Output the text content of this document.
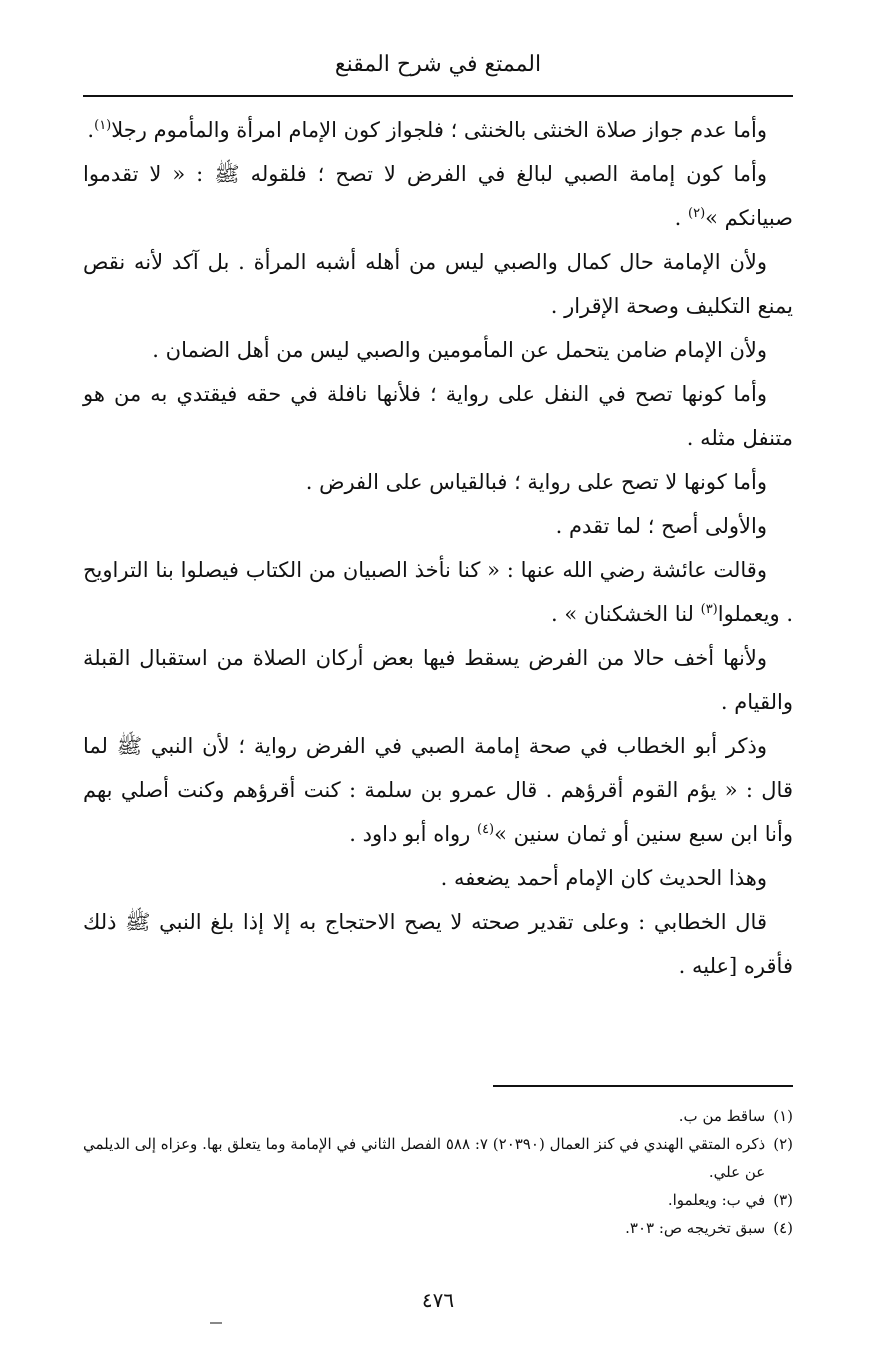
الممتع في شرح المقنع

وأما عدم جواز صلاة الخنثى بالخنثى ؛ فلجواز كون الإمام امرأة والمأموم رجلا$^{(١)}$.

وأما كون إمامة الصبي لبالغ في الفرض لا تصح ؛ فلقوله ﷺ : « لا تقدموا صبيانكم »$^{(٢)}$ .

ولأن الإمامة حال كمال والصبي ليس من أهله أشبه المرأة . بل آكد لأنه نقص يمنع التكليف وصحة الإقرار .

ولأن الإمام ضامن يتحمل عن المأمومين والصبي ليس من أهل الضمان .

وأما كونها تصح في النفل على رواية ؛ فلأنها نافلة في حقه فيقتدي به من هو متنفل مثله .

وأما كونها لا تصح على رواية ؛ فبالقياس على الفرض .

والأولى أصح ؛ لما تقدم .

وقالت عائشة رضي الله عنها : « كنا نأخذ الصبيان من الكتاب فيصلوا بنا التراويح . ويعملوا$^{(٣)}$ لنا الخشكنان » .

ولأنها أخف حالا من الفرض يسقط فيها بعض أركان الصلاة من استقبال القبلة والقيام .

وذكر أبو الخطاب في صحة إمامة الصبي في الفرض رواية ؛ لأن النبي ﷺ لما قال : « يؤم القوم أقرؤهم . قال عمرو بن سلمة : كنت أقرؤهم وكنت أصلي بهم وأنا ابن سبع سنين أو ثمان سنين »$^{(٤)}$ رواه أبو داود .

وهذا الحديث كان الإمام أحمد يضعفه .

قال الخطابي : وعلى تقدير صحته لا يصح الاحتجاج به إلا إذا بلغ النبي ﷺ ذلك فأقره [عليه .

(١)
ساقط من ب.
(٢)
ذكره المتقي الهندي في كنز العمال (٢٠٣٩٠) ٧: ٥٨٨ الفصل الثاني في الإمامة وما يتعلق بها. وعزاه إلى الديلمي عن علي.
(٣)
في ب: ويعلموا.
(٤)
سبق تخريجه ص: ٣٠٣.
٤٧٦
